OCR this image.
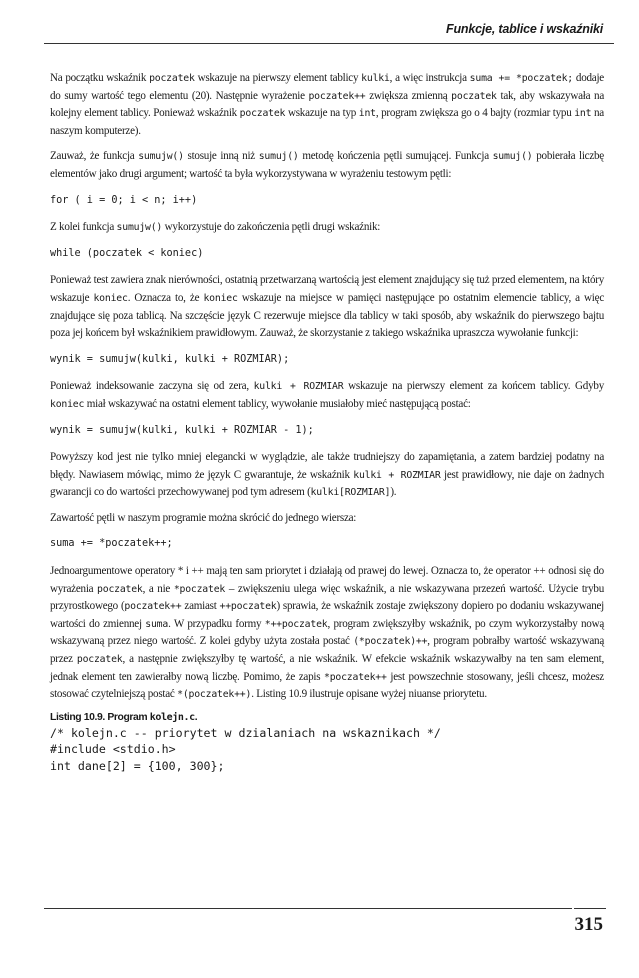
Funkcje, tablice i wskaźniki

Na początku wskaźnik poczatek wskazuje na pierwszy element tablicy kulki, a więc instrukcja suma += *poczatek; dodaje do sumy wartość tego elementu (20). Następnie wyrażenie poczatek++ zwiększa zmienną poczatek tak, aby wskazywała na kolejny element tablicy. Ponieważ wskaźnik poczatek wskazuje na typ int, program zwiększa go o 4 bajty (rozmiar typu int na naszym komputerze).

Zauważ, że funkcja sumujw() stosuje inną niż sumuj() metodę kończenia pętli sumującej. Funkcja sumuj() pobierała liczbę elementów jako drugi argument; wartość ta była wykorzystywana w wyrażeniu testowym pętli:

for ( i = 0; i < n; i++)

Z kolei funkcja sumujw() wykorzystuje do zakończenia pętli drugi wskaźnik:

while (poczatek < koniec)

Ponieważ test zawiera znak nierówności, ostatnią przetwarzaną wartością jest element znajdujący się tuż przed elementem, na który wskazuje koniec. Oznacza to, że koniec wskazuje na miejsce w pamięci następujące po ostatnim elemencie tablicy, a więc znajdujące się poza tablicą. Na szczęście język C rezerwuje miejsce dla tablicy w taki sposób, aby wskaźnik do pierwszego bajtu poza jej końcem był wskaźnikiem prawidłowym. Zauważ, że skorzystanie z takiego wskaźnika upraszcza wywołanie funkcji:

wynik = sumujw(kulki, kulki + ROZMIAR);

Ponieważ indeksowanie zaczyna się od zera, kulki + ROZMIAR wskazuje na pierwszy element za końcem tablicy. Gdyby koniec miał wskazywać na ostatni element tablicy, wywołanie musiałoby mieć następującą postać:

wynik = sumujw(kulki, kulki + ROZMIAR - 1);

Powyższy kod jest nie tylko mniej elegancki w wyglądzie, ale także trudniejszy do zapamiętania, a zatem bardziej podatny na błędy. Nawiasem mówiąc, mimo że język C gwarantuje, że wskaźnik kulki + ROZMIAR jest prawidłowy, nie daje on żadnych gwarancji co do wartości przechowywanej pod tym adresem (kulki[ROZMIAR]).

Zawartość pętli w naszym programie można skrócić do jednego wiersza:

suma += *poczatek++;

Jednoargumentowe operatory * i ++ mają ten sam priorytet i działają od prawej do lewej. Oznacza to, że operator ++ odnosi się do wyrażenia poczatek, a nie *poczatek – zwiększeniu ulega więc wskaźnik, a nie wskazywana przezeń wartość. Użycie trybu przyrostkowego (poczatek++ zamiast ++poczatek) sprawia, że wskaźnik zostaje zwiększony dopiero po dodaniu wskazywanej wartości do zmiennej suma. W przypadku formy *++poczatek, program zwiększyłby wskaźnik, po czym wykorzystałby nową wskazywaną przez niego wartość. Z kolei gdyby użyta została postać (*poczatek)++, program pobrałby wartość wskazywaną przez poczatek, a następnie zwiększyłby tę wartość, a nie wskaźnik. W efekcie wskaźnik wskazywałby na ten sam element, jednak element ten zawierałby nową liczbę. Pomimo, że zapis *poczatek++ jest powszechnie stosowany, jeśli chcesz, możesz stosować czytelniejszą postać *(poczatek++). Listing 10.9 ilustruje opisane wyżej niuanse priorytetu.

Listing 10.9. Program kolejn.c.
/* kolejn.c -- priorytet w dzialaniach na wskaznikach */
#include <stdio.h>
int dane[2] = {100, 300};
315
